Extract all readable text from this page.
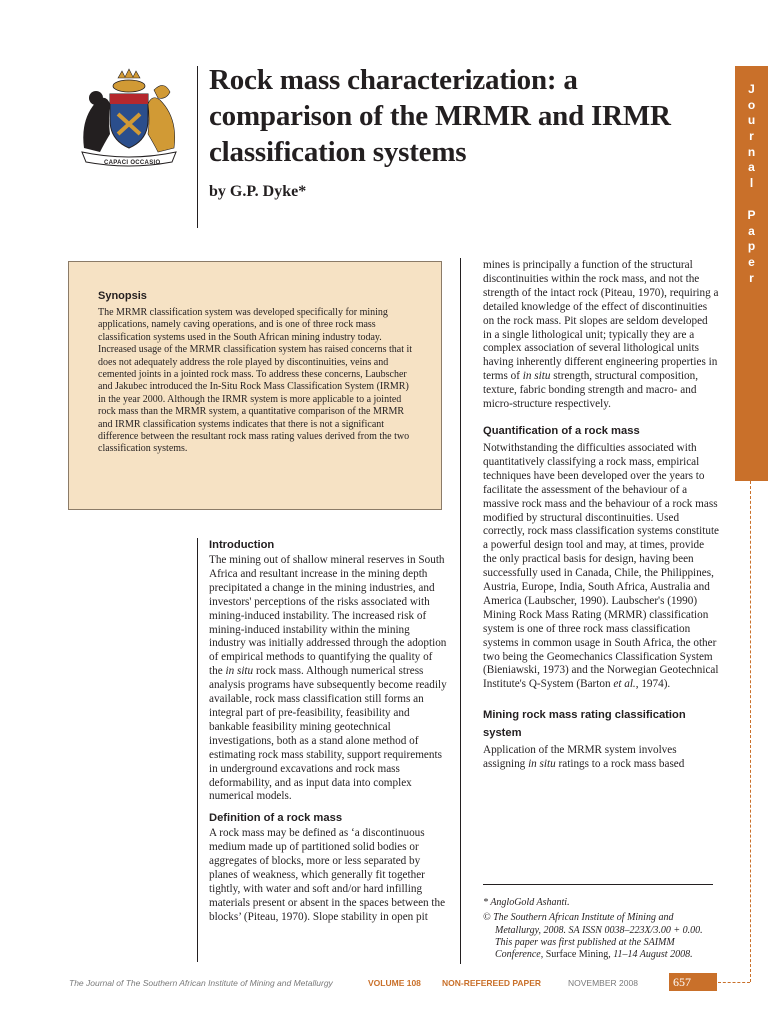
CAPACI OCCASIO
Rock mass characterization: a comparison of the MRMR and IRMR classification systems
by G.P. Dyke*
J
o
u
r
n
a
l
P
a
p
e
r
Synopsis

The MRMR classification system was developed specifically for mining applications, namely caving operations, and is one of three rock mass classification systems used in the South African mining industry today. Increased usage of the MRMR classification system has raised concerns that it does not adequately address the role played by discontinuities, veins and cemented joints in a jointed rock mass. To address these concerns, Laubscher and Jakubec introduced the In-Situ Rock Mass Classification System (IRMR) in the year 2000. Although the IRMR system is more applicable to a jointed rock mass than the MRMR system, a quantitative comparison of the MRMR and IRMR classification systems indicates that there is not a significant difference between the resultant rock mass rating values derived from the two classification systems.

Introduction

The mining out of shallow mineral reserves in South Africa and resultant increase in the mining depth precipitated a change in the mining industries, and investors' perceptions of the risks associated with mining-induced instability. The increased risk of mining-induced instability within the mining industry was initially addressed through the adoption of empirical methods to quantifying the quality of the in situ rock mass. Although numerical stress analysis programs have subsequently become readily available, rock mass classification still forms an integral part of pre-feasibility, feasibility and bankable feasibility mining geotechnical investigations, both as a stand alone method of estimating rock mass stability, support requirements in underground excavations and rock mass deformability, and as input data into complex numerical models.

Definition of a rock mass

A rock mass may be defined as ‘a discontinuous medium made up of partitioned solid bodies or aggregates of blocks, more or less separated by planes of weakness, which generally fit together tightly, with water and soft and/or hard infilling materials present or absent in the spaces between the blocks’ (Piteau, 1970). Slope stability in open pit

mines is principally a function of the structural discontinuities within the rock mass, and not the strength of the intact rock (Piteau, 1970), requiring a detailed knowledge of the effect of discontinuities on the rock mass. Pit slopes are seldom developed in a single lithological unit; typically they are a complex association of several lithological units having inherently different engineering properties in terms of in situ strength, structural composition, texture, fabric bonding strength and macro- and micro-structure respectively.

Quantification of a rock mass

Notwithstanding the difficulties associated with quantitatively classifying a rock mass, empirical techniques have been developed over the years to facilitate the assessment of the behaviour of a massive rock mass and the behaviour of a rock mass modified by structural discontinuities. Used correctly, rock mass classification systems constitute a powerful design tool and may, at times, provide the only practical basis for design, having been successfully used in Canada, Chile, the Philippines, Austria, Europe, India, South Africa, Australia and America (Laubscher, 1990). Laubscher's (1990) Mining Rock Mass Rating (MRMR) classification system is one of three rock mass classification systems in common usage in South Africa, the other two being the Geomechanics Classification System (Bieniawski, 1973) and the Norwegian Geotechnical Institute's Q-System (Barton et al., 1974).

Mining rock mass rating classification system

Application of the MRMR system involves assigning in situ ratings to a rock mass based

* AngloGold Ashanti.

© The Southern African Institute of Mining and Metallurgy, 2008. SA ISSN 0038–223X/3.00 + 0.00. This paper was first published at the SAIMM Conference, Surface Mining, 11–14 August 2008.

The Journal of The Southern African Institute of Mining and Metallurgy	VOLUME 108 NON-REFEREED PAPER	NOVEMBER 2008	657
